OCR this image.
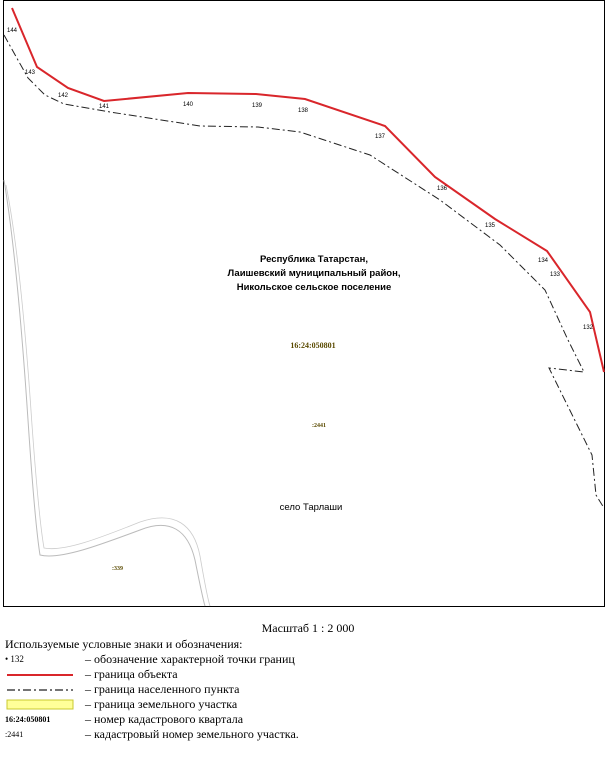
144
143
142
141	140	139
138
137
136
135
134
133
132
Республика Татарстан,
Лаишевский муниципальный район,
Никольское сельское поселение
16:24:050801
:2441
:339
село Тарлаши
Масштаб 1 : 2 000
Используемые условные знаки и обозначения:
• 132	– обозначение характерной точки границ
– граница объекта
– граница населенного пункта
– граница земельного участка
16:24:050801	– номер кадастрового квартала
:2441	– кадастровый номер земельного участка.
